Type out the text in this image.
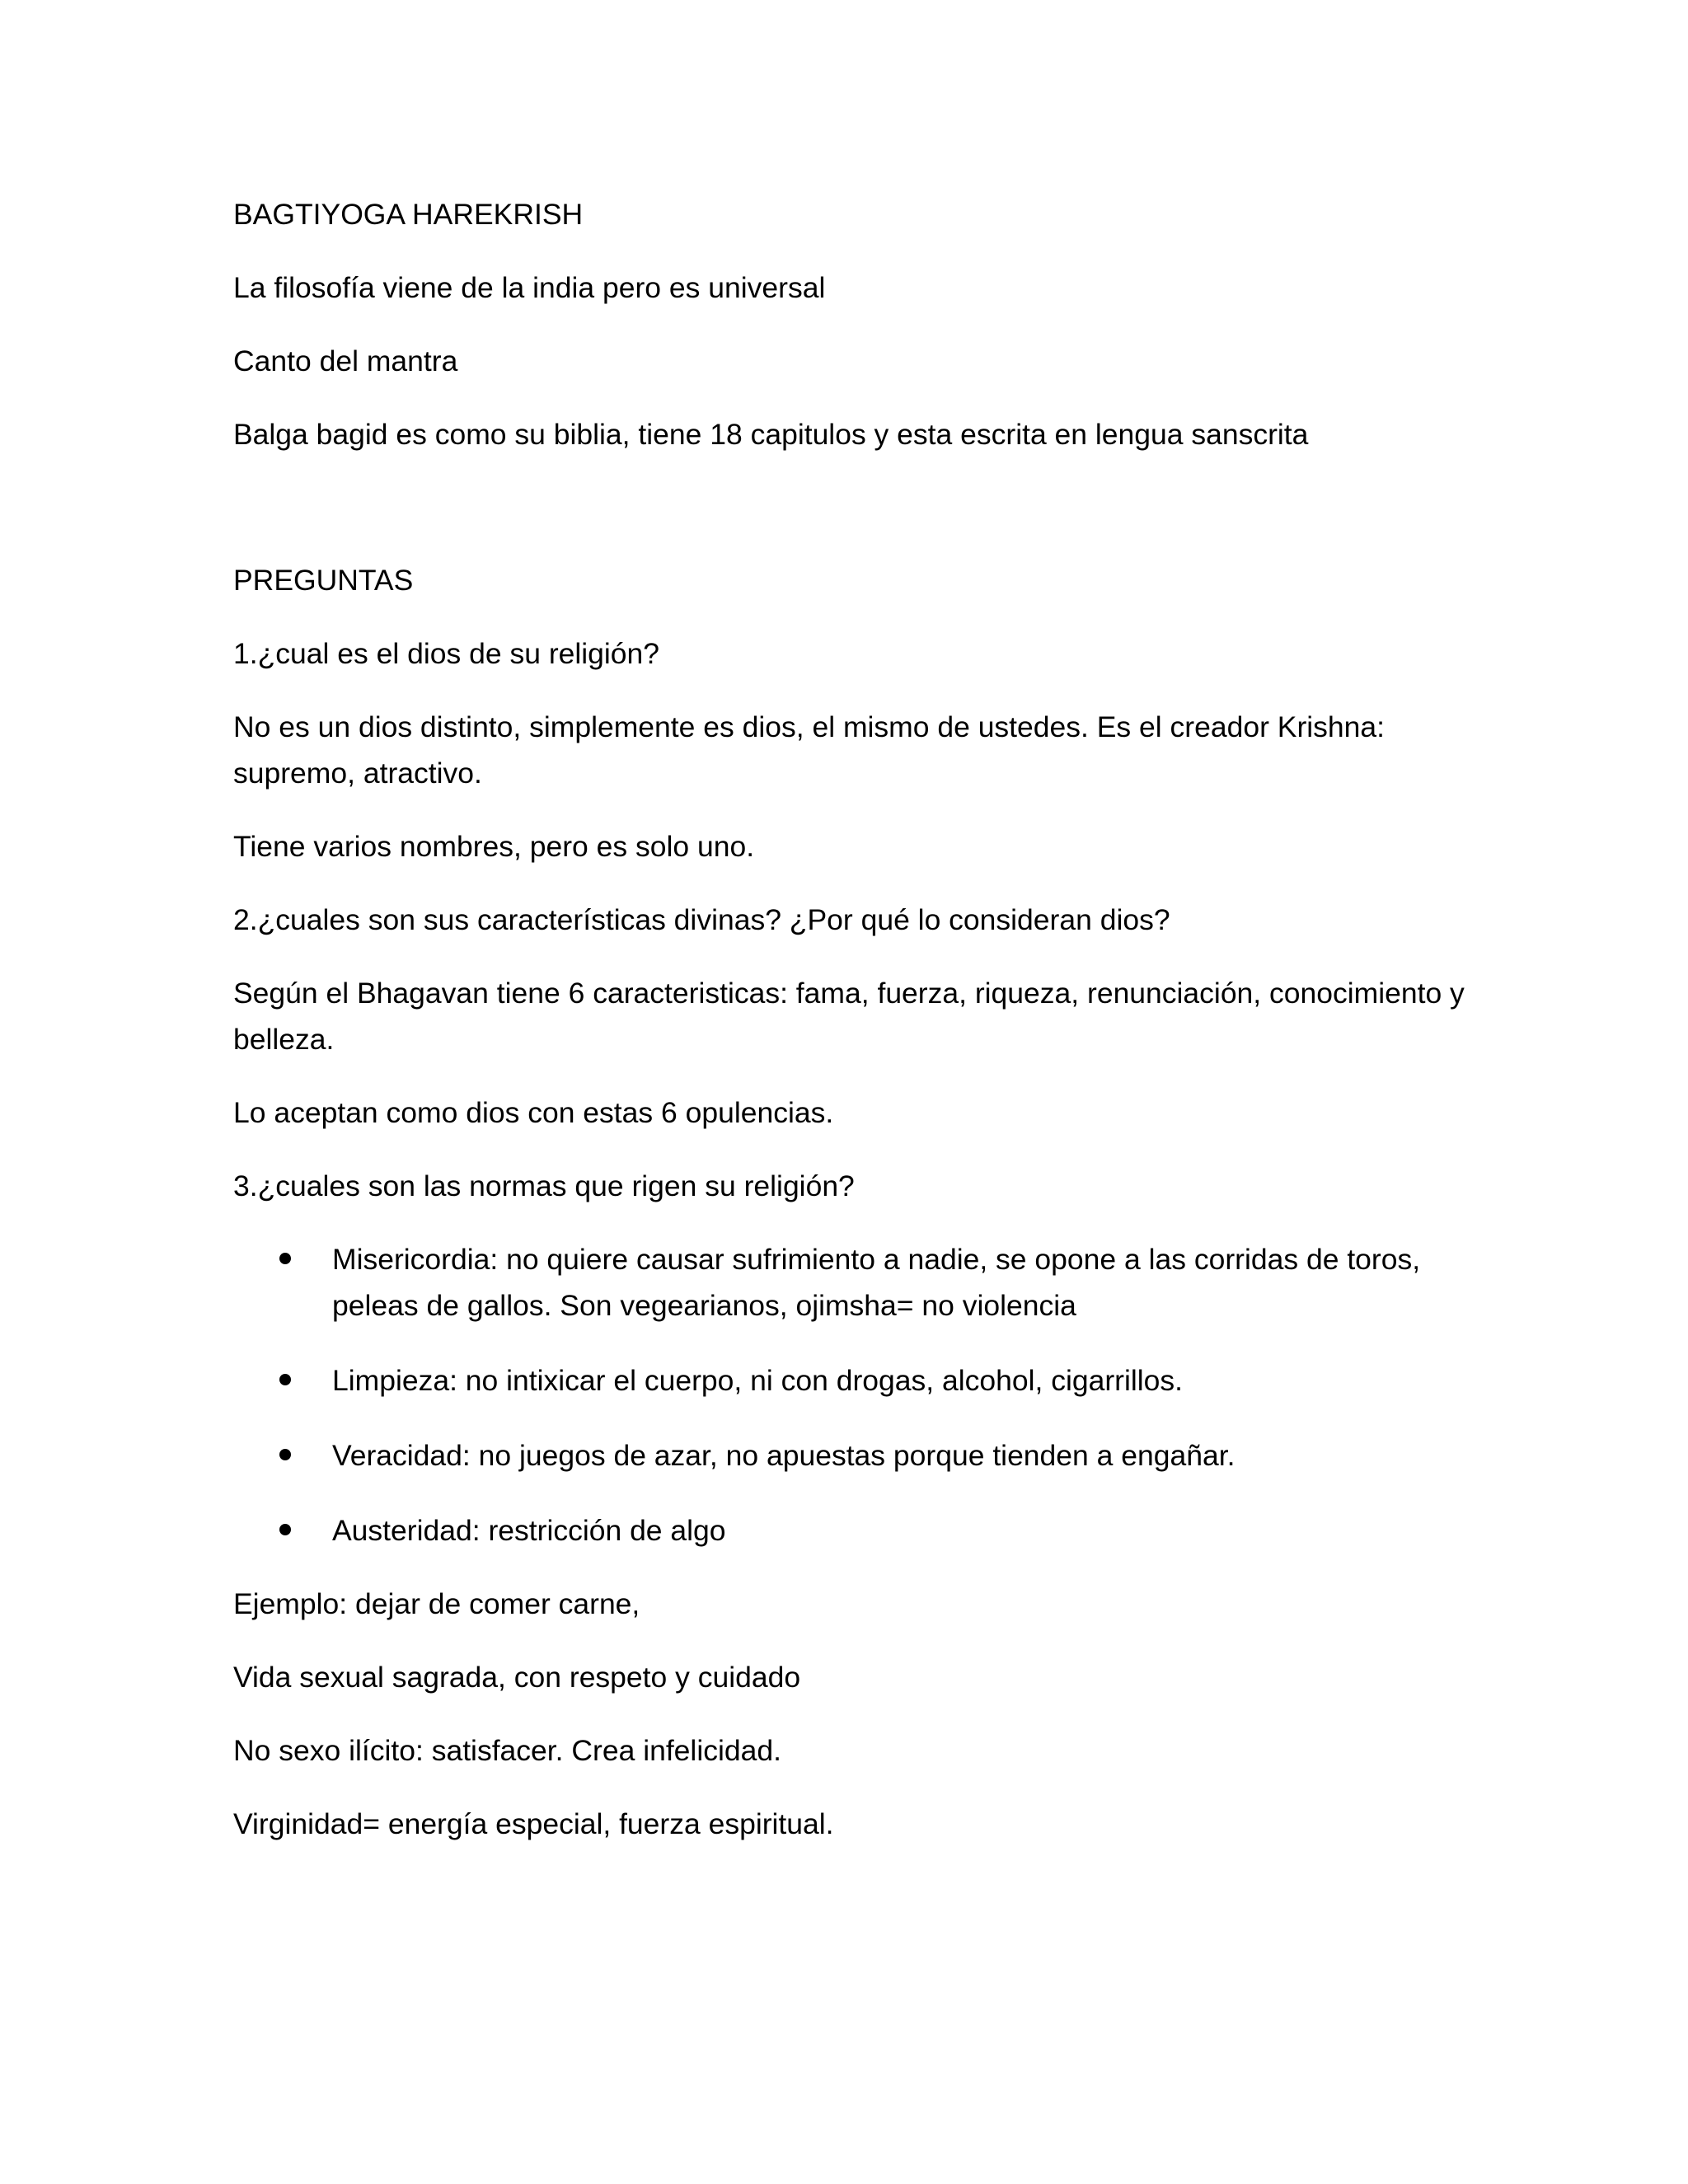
BAGTIYOGA HAREKRISH

La filosofía viene de la india pero es universal

Canto del mantra

Balga bagid es como su biblia, tiene 18 capitulos y esta escrita en lengua sanscrita

PREGUNTAS

1.¿cual es el dios de su religión?

No es un dios distinto, simplemente es dios, el mismo de ustedes. Es el creador Krishna: supremo, atractivo.

Tiene varios nombres, pero es solo uno.

2.¿cuales son sus características divinas? ¿Por qué lo consideran dios?

Según el Bhagavan tiene 6 caracteristicas: fama, fuerza, riqueza, renunciación, conocimiento y belleza.

Lo aceptan como dios con estas 6 opulencias.

3.¿cuales son las normas que rigen su religión?

Misericordia: no quiere causar sufrimiento a nadie, se opone a las corridas de toros, peleas de gallos. Son vegearianos, ojimsha= no violencia
Limpieza: no intixicar el cuerpo, ni con drogas, alcohol, cigarrillos.
Veracidad: no juegos de azar, no apuestas porque tienden a engañar.
Austeridad: restricción de algo

Ejemplo: dejar de comer carne,

Vida sexual sagrada, con respeto y cuidado

No sexo ilícito: satisfacer. Crea infelicidad.

Virginidad= energía especial, fuerza espiritual.
